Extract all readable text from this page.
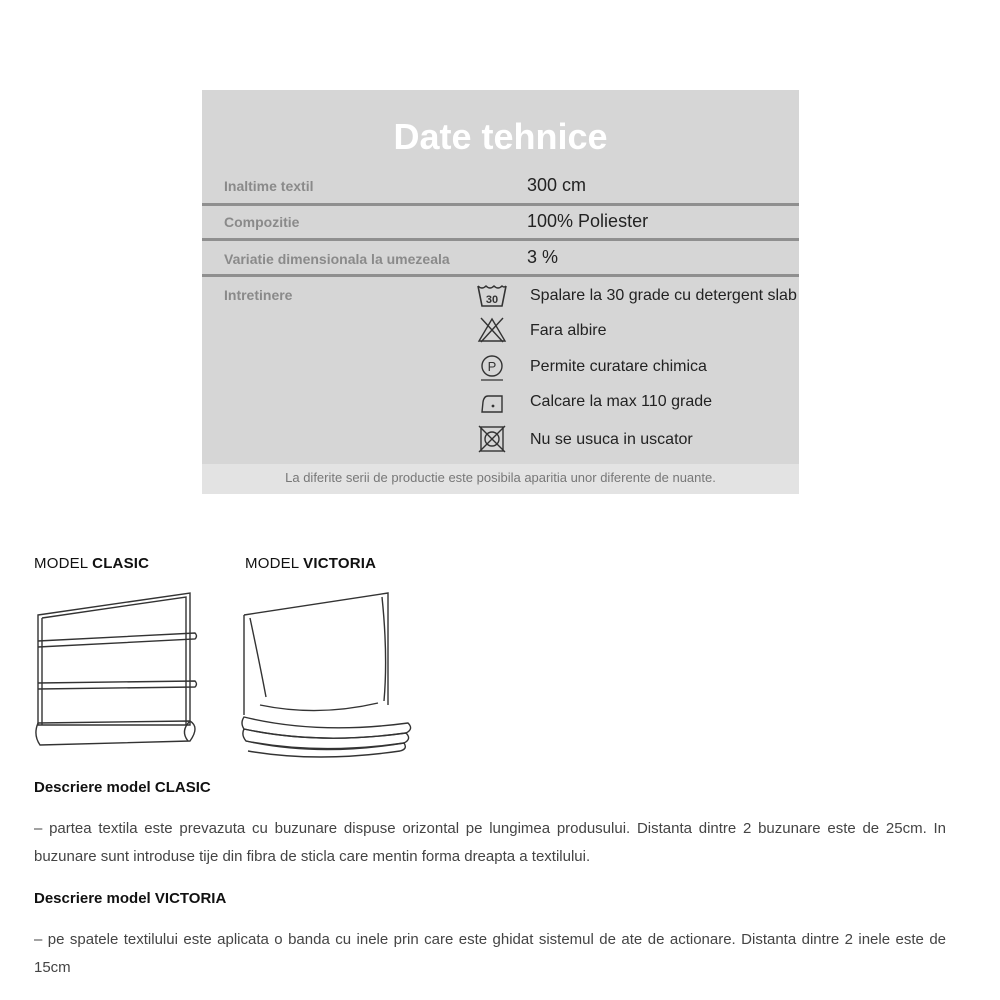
Date tehnice
Inaltime textil	300 cm
Compozitie	100% Poliester
Variatie dimensionala la umezeala	3 %
Intretinere	30 Spalare la 30 grade cu detergent slab
Fara albire
P Permite curatare chimica
Calcare la max 110 grade
Nu se usuca in uscator
La diferite serii de productie este posibila aparitia unor diferente de nuante.
MODEL CLASIC	MODEL VICTORIA
Descriere model CLASIC
– partea textila este prevazuta cu buzunare dispuse orizontal pe lungimea produsului. Distanta dintre 2 buzunare este de 25cm. In buzunare sunt introduse tije din fibra de sticla care mentin forma dreapta a textilului.
Descriere model VICTORIA
– pe spatele textilului este aplicata o banda cu inele prin care este ghidat sistemul de ate de actionare. Distanta dintre 2 inele este de 15cm
